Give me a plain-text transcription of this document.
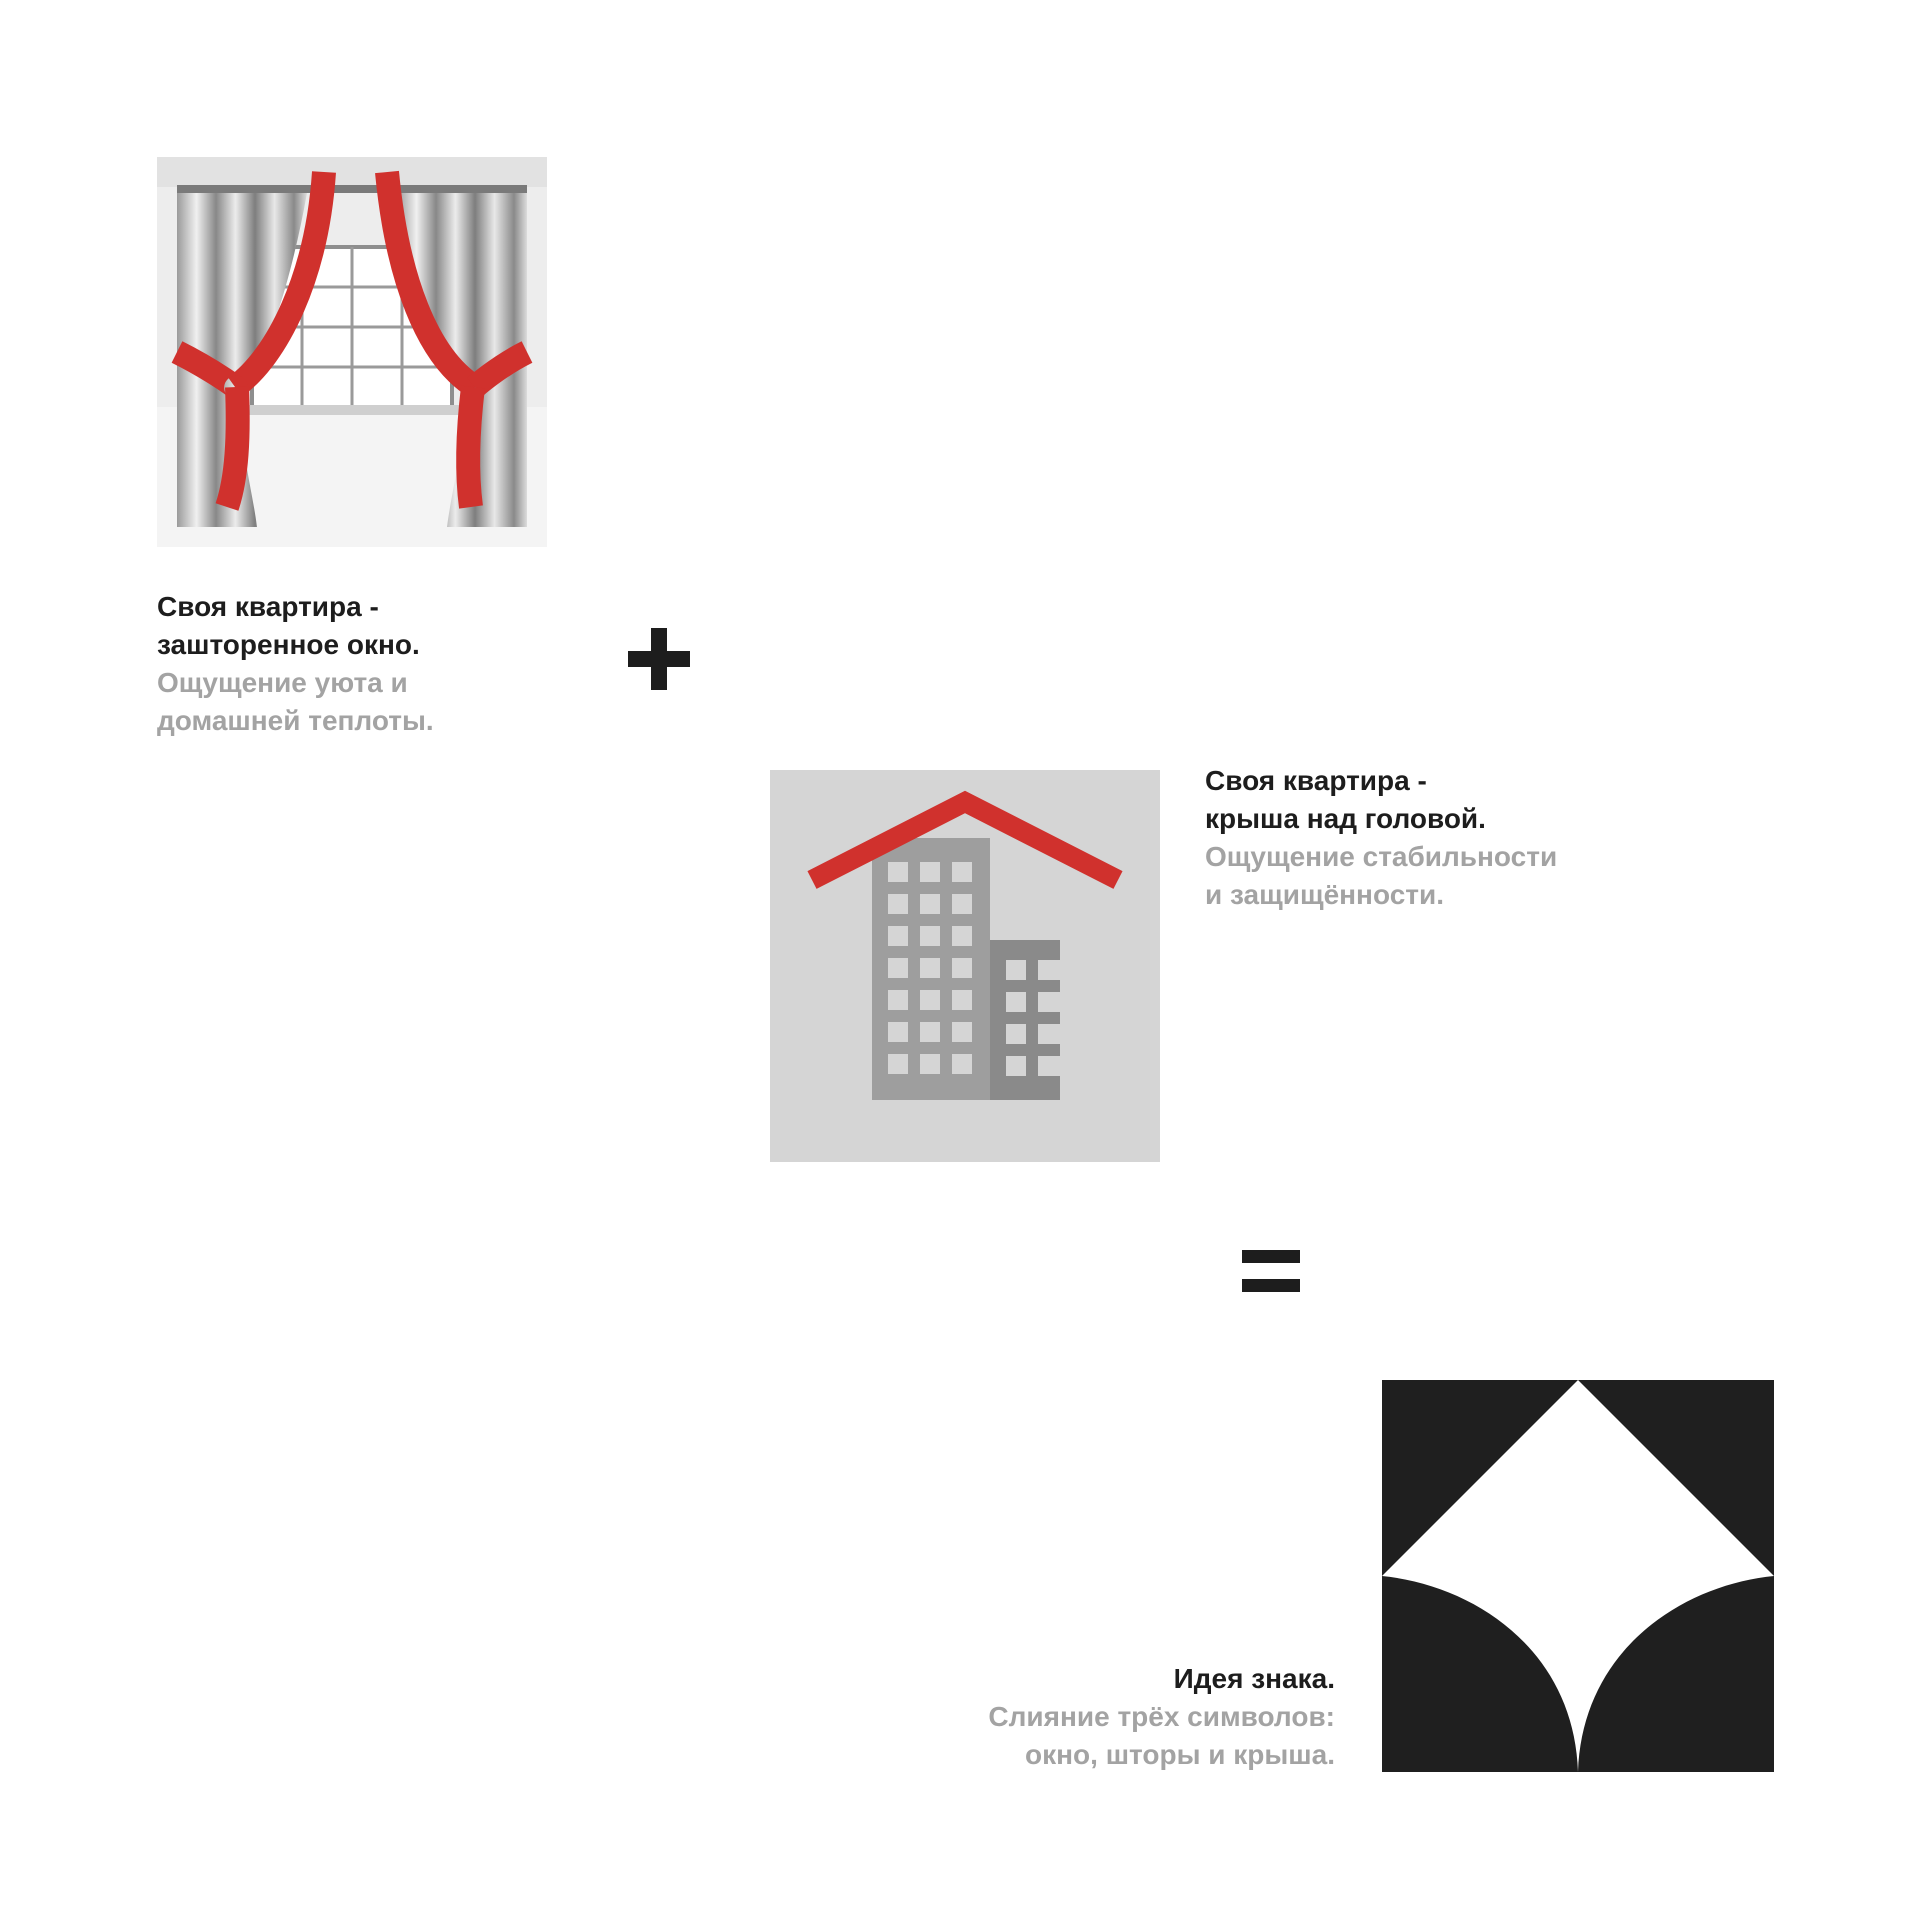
Своя квартира -
зашторенное окно.
Ощущение уюта и
домашней теплоты.
Своя квартира -
крыша над головой.
Ощущение стабильности
и защищённости.
Идея знака.
Слияние трёх символов:
окно, шторы и крыша.
